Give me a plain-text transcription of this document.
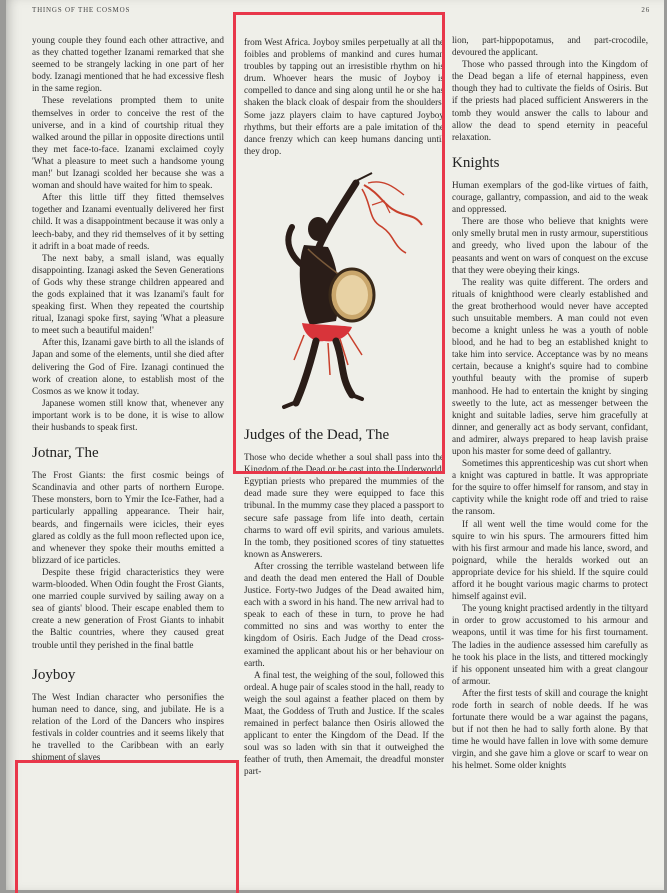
THINGS OF THE COSMOS	26

young couple they found each other attractive, and as they chatted together Izanami remarked that she seemed to be strangely lacking in one part of her body. Izanagi mentioned that he had excessive flesh in the same region.

These revelations prompted them to unite themselves in order to conceive the rest of the universe, and in a kind of courtship ritual they walked around the pillar in opposite directions until they met face-to-face. Izanami exclaimed coyly 'What a pleasure to meet such a handsome young man!' but Izanagi scolded her because she was a woman and should have waited for him to speak.

After this little tiff they fitted themselves together and Izanami eventually delivered her first child. It was a disappointment because it was only a leech-baby, and they rid themselves of it by setting it adrift in a boat made of reeds.

The next baby, a small island, was equally disappointing. Izanagi asked the Seven Generations of Gods why these strange children appeared and the gods explained that it was Izanami's fault for speaking first. When they repeated the courtship ritual, Izanagi spoke first, saying 'What a pleasure to meet such a beautiful maiden!'

After this, Izanami gave birth to all the islands of Japan and some of the elements, until she died after delivering the God of Fire. Izanagi continued the work of creation alone, to establish most of the Cosmos as we know it today.

Japanese women still know that, whenever any important work is to be done, it is wise to allow their husbands to speak first.

Jotnar, The

The Frost Giants: the first cosmic beings of Scandinavia and other parts of northern Europe. These monsters, born to Ymir the Ice-Father, had a particularly appalling appearance. Their hair, beards, and fingernails were icicles, their eyes glared as coldly as the full moon reflected upon ice, and whenever they spoke their mouths emitted a blizzard of ice particles.

Despite these frigid characteristics they were warm-blooded. When Odin fought the Frost Giants, one married couple survived by sailing away on a sea of giants' blood. Their escape enabled them to create a new generation of Frost Giants to inhabit the Baltic countries, where they caused great trouble until they perished in the final battle

Joyboy

The West Indian character who personifies the human need to dance, sing, and jubilate. He is a relation of the Lord of the Dancers who inspires festivals in colder countries and it seems likely that he travelled to the Caribbean with an early shipment of slaves

from West Africa. Joyboy smiles perpetually at all the foibles and problems of mankind and cures human troubles by tapping out an irresistible rhythm on his drum. Whoever hears the music of Joyboy is compelled to dance and sing along until he or she has shaken the black cloak of despair from the shoulders. Some jazz players claim to have captured Joyboy rhythms, but their efforts are a pale imitation of the dance frenzy which can keep humans dancing until they drop.

Judges of the Dead, The

Those who decide whether a soul shall pass into the Kingdom of the Dead or be cast into the Underworld. Egyptian priests who prepared the mummies of the dead made sure they were equipped to face this tribunal. In the mummy case they placed a passport to secure safe passage from life into death, certain charms to ward off evil spirits, and various amulets. In the tomb, they positioned scores of tiny statuettes known as Answerers.

After crossing the terrible wasteland between life and death the dead men entered the Hall of Double Justice. Forty-two Judges of the Dead awaited him, each with a sword in his hand. The new arrival had to speak to each of these in turn, to prove he had committed no sins and was worthy to enter the kingdom of Osiris. Each Judge of the Dead cross-examined the applicant about his or her behaviour on earth.

A final test, the weighing of the soul, followed this ordeal. A huge pair of scales stood in the hall, ready to weigh the soul against a feather placed on them by Maat, the Goddess of Truth and Justice. If the scales remained in perfect balance then Osiris allowed the applicant to enter the Kingdom of the Dead. If the soul was so laden with sin that it outweighed the feather of truth, then Amemait, the dreadful monster part-

lion, part-hippopotamus, and part-crocodile, devoured the applicant.

Those who passed through into the Kingdom of the Dead began a life of eternal happiness, even though they had to cultivate the fields of Osiris. But if the priests had placed sufficient Answerers in the tomb they would answer the calls to labour and allow the dead to spend eternity in peaceful relaxation.

Knights

Human exemplars of the god-like virtues of faith, courage, gallantry, compassion, and aid to the weak and oppressed.

There are those who believe that knights were only smelly brutal men in rusty armour, superstitious and greedy, who lived upon the labour of the peasants and went on wars of conquest on the excuse that they were obeying their kings.

The reality was quite different. The orders and rituals of knighthood were clearly established and the great brotherhood would never have accepted such unsuitable members. A man could not even become a knight unless he was a youth of noble blood, and he had to beg an established knight to take him into service. Acceptance was by no means certain, because a knight's squire had to combine youthful beauty with the promise of superb manhood. He had to entertain the knight by singing sweetly to the lute, act as messenger between the knight and suitable ladies, serve him gracefully at dinner, and generally act as body servant, confidant, and admirer, always prepared to heap lavish praise upon his master for some deed of gallantry.

Sometimes this apprenticeship was cut short when a knight was captured in battle. It was appropriate for the squire to offer himself for ransom, and stay in captivity while the knight rode off and tried to raise the ransom.

If all went well the time would come for the squire to win his spurs. The armourers fitted him with his first armour and made his lance, sword, and poignard, while the heralds worked out an appropriate device for his shield. If the squire could afford it he bought various magic charms to protect himself against evil.

The young knight practised ardently in the tiltyard in order to grow accustomed to his armour and weapons, until it was time for his first tournament. The ladies in the audience assessed him carefully as he took his place in the lists, and tittered mockingly if his opponent unseated him with a great clangour of armour.

After the first tests of skill and courage the knight rode forth in search of noble deeds. If he was fortunate there would be a war against the pagans, but if not then he had to sally forth alone. By that time he would have fallen in love with some demure virgin, and she gave him a glove or scarf to wear on his helmet. Some older knights
